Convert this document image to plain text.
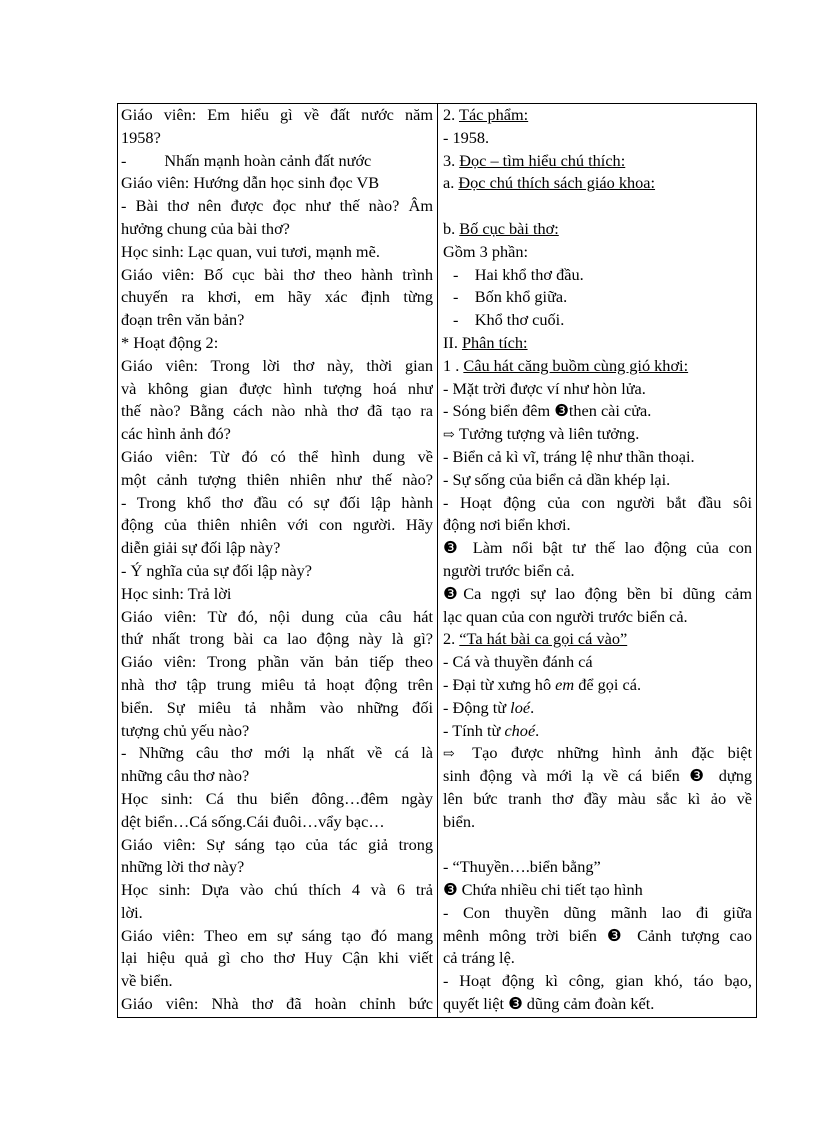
Giáo viên: Em hiểu gì về đất nước năm
1958?
- Nhấn mạnh hoàn cảnh đất nước
Giáo viên: Hướng dẫn học sinh đọc VB
- Bài thơ nên được đọc như thế nào? Âm
hưởng chung của bài thơ?
Học sinh: Lạc quan, vui tươi, mạnh mẽ.
Giáo viên: Bố cục bài thơ theo hành trình
chuyến ra khơi, em hãy xác định từng
đoạn trên văn bản?
* Hoạt động 2:
Giáo viên: Trong lời thơ này, thời gian
và không gian được hình tượng hoá như
thế nào? Bằng cách nào nhà thơ đã tạo ra
các hình ảnh đó?
Giáo viên: Từ đó có thể hình dung về
một cảnh tượng thiên nhiên như thế nào?
- Trong khổ thơ đầu có sự đối lập hành
động của thiên nhiên với con người. Hãy
diễn giải sự đối lập này?
- Ý nghĩa của sự đối lập này?
Học sinh: Trả lời
Giáo viên: Từ đó, nội dung của câu hát
thứ nhất trong bài ca lao động này là gì?
Giáo viên: Trong phần văn bản tiếp theo
nhà thơ tập trung miêu tả hoạt động trên
biển. Sự miêu tả nhằm vào những đối
tượng chủ yếu nào?
- Những câu thơ mới lạ nhất về cá là
những câu thơ nào?
Học sinh: Cá thu biển đông…đêm ngày
dệt biển…Cá sống.Cái đuôi…vẩy bạc…
Giáo viên: Sự sáng tạo của tác giả trong
những lời thơ này?
Học sinh: Dựa vào chú thích 4 và 6 trả
lời.
Giáo viên: Theo em sự sáng tạo đó mang
lại hiệu quả gì cho thơ Huy Cận khi viết
về biển.
Giáo viên: Nhà thơ đã hoàn chỉnh bức
2. Tác phẩm:
- 1958.
3. Đọc – tìm hiểu chú thích:
a. Đọc chú thích sách giáo khoa:
b. Bố cục bài thơ:
Gồm 3 phần:
-    Hai khổ thơ đầu.
-    Bốn khổ giữa.
-    Khổ thơ cuối.
II. Phân tích:
1 . Câu hát căng buồm cùng gió khơi:
- Mặt trời được ví như hòn lửa.
- Sóng biển đêm ❸then cài cửa.
⇨ Tưởng tượng và liên tưởng.
- Biển cả kì vĩ, tráng lệ như thần thoại.
- Sự sống của biển cả dần khép lại.
- Hoạt động của con người bắt đầu sôi
động nơi biển khơi.
❸ Làm nổi bật tư thế lao động của con
người trước biển cả.
❸Ca ngợi sự lao động bền bỉ dũng cảm
lạc quan của con người trước biển cả.
2. “Ta hát bài ca gọi cá vào”
- Cá và thuyền đánh cá
- Đại từ xưng hô em để gọi cá.
- Động từ loé.
- Tính từ choé.
⇨ Tạo được những hình ảnh đặc biệt
sinh động và mới lạ về cá biển ❸ dựng
lên bức tranh thơ đầy màu sắc kì ảo về
biển.
- “Thuyền….biển bằng”
❸ Chứa nhiều chi tiết tạo hình
- Con thuyền dũng mãnh lao đi giữa
mênh mông trời biển ❸ Cảnh tượng cao
cả tráng lệ.
- Hoạt động kì công, gian khó, táo bạo,
quyết liệt ❸ dũng cảm đoàn kết.
